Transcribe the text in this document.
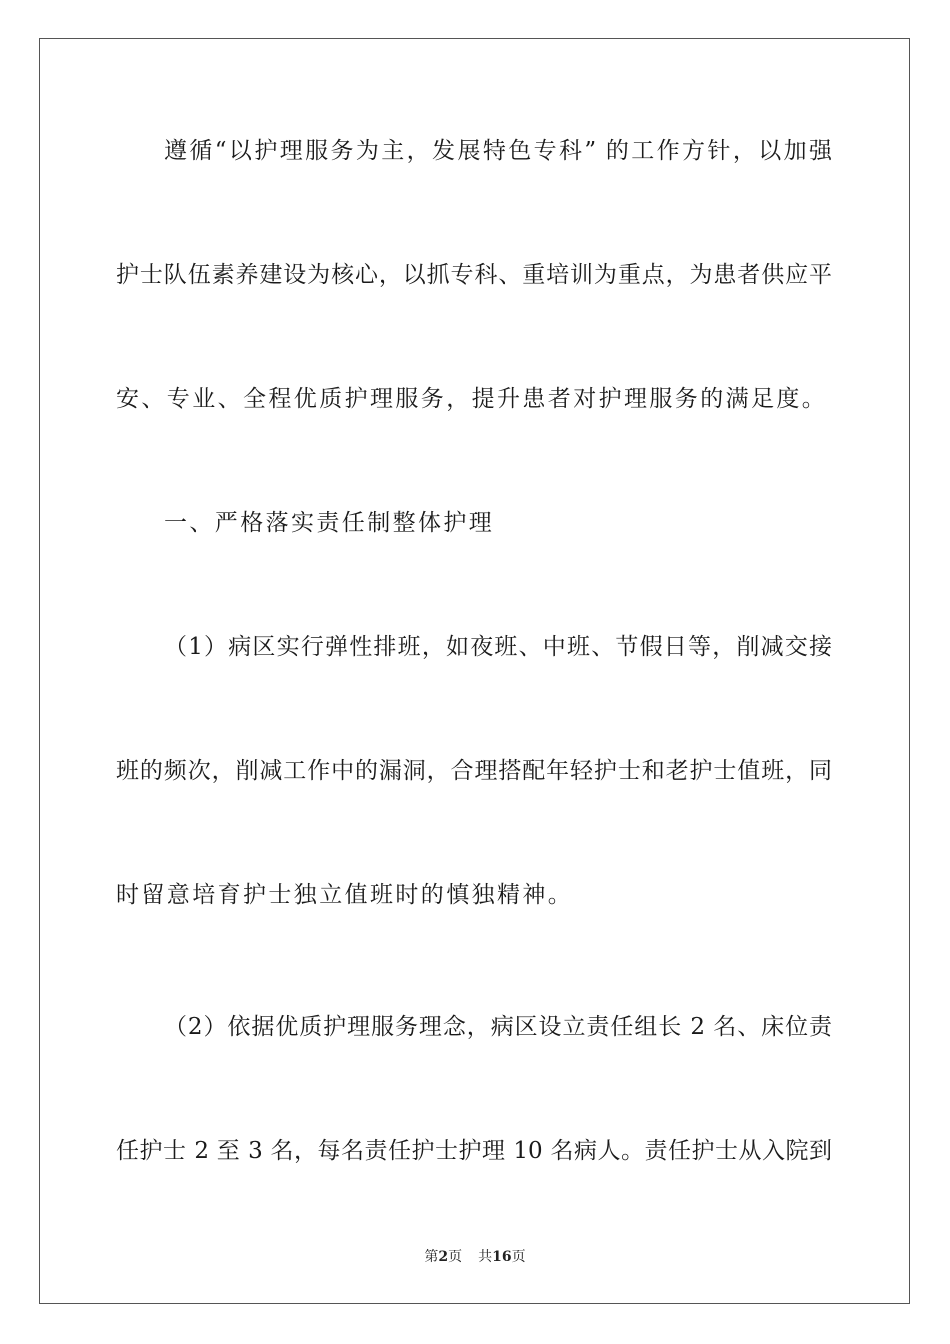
遵循“以护理服务为主，发展特色专科” 的工作方针，以加强
护士队伍素养建设为核心，以抓专科、重培训为重点，为患者供应平
安、专业、全程优质护理服务，提升患者对护理服务的满足度。
一、严格落实责任制整体护理
（1）病区实行弹性排班，如夜班、中班、节假日等，削减交接
班的频次，削减工作中的漏洞，合理搭配年轻护士和老护士值班，同
时留意培育护士独立值班时的慎独精神。
（2）依据优质护理服务理念，病区设立责任组长 2 名、床位责
任护士 2 至 3 名，每名责任护士护理 10 名病人。责任护士从入院到
第2页 共16页
